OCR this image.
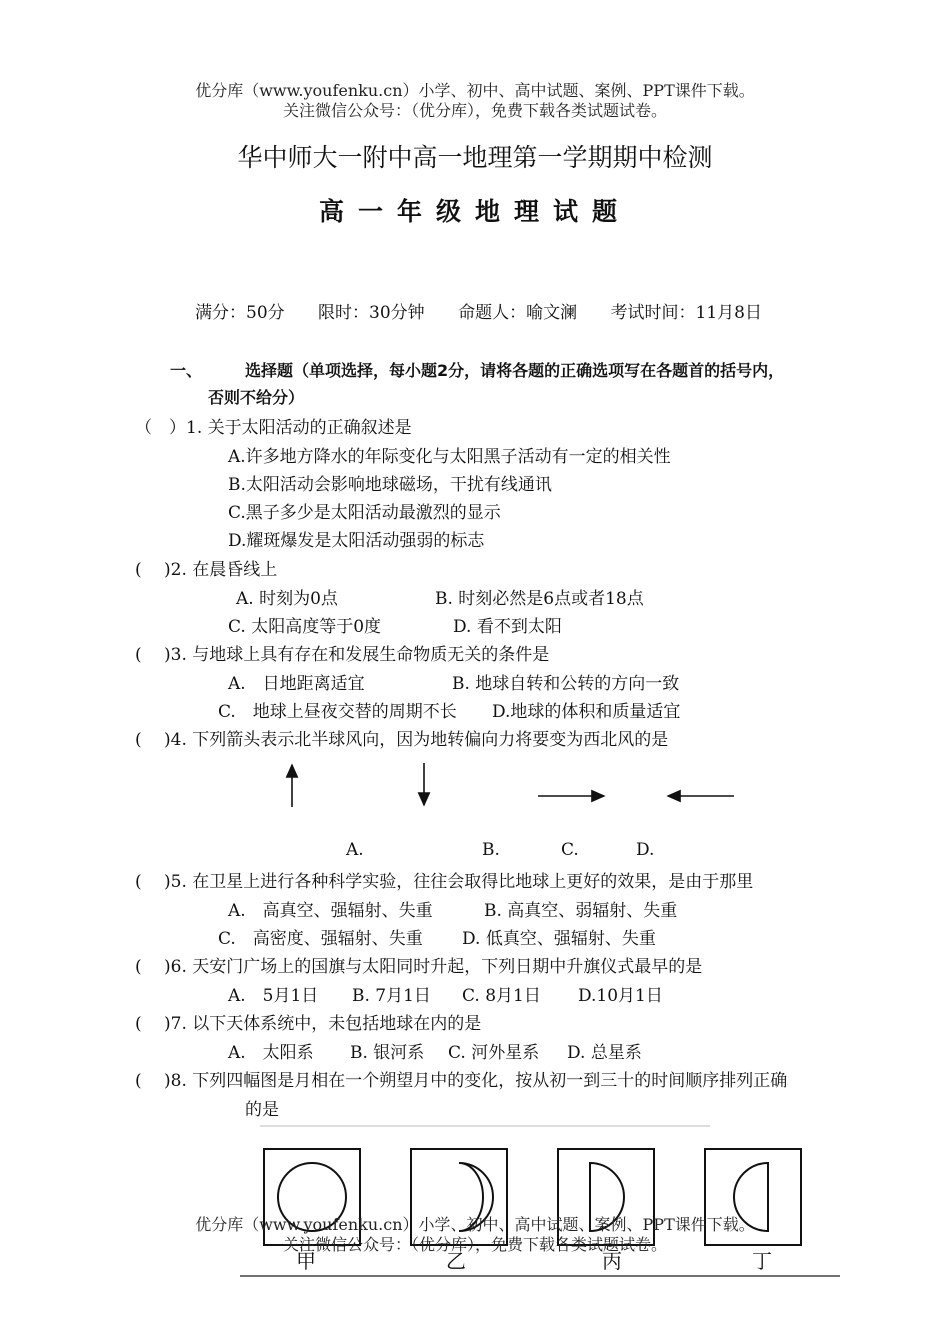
优分库（www.youfenku.cn）小学、初中、高中试题、案例、PPT课件下载。
关注微信公众号：（优分库），免费下载各类试题试卷。
华中师大一附中高一地理第一学期期中检测
高一年级地理试题
满分：50分 限时：30分钟 命题人：喻文澜 考试时间：11月8日
一、	选择题（单项选择，每小题2分，请将各题的正确选项写在各题首的括号内，
否则不给分）
（　）1. 关于太阳活动的正确叙述是
A.许多地方降水的年际变化与太阳黑子活动有一定的相关性
B.太阳活动会影响地球磁场，干扰有线通讯
C.黑子多少是太阳活动最激烈的显示
D.耀斑爆发是太阳活动强弱的标志
(　 )2. 在晨昏线上
A. 时刻为0点	B. 时刻必然是6点或者18点
C. 太阳高度等于0度	D. 看不到太阳
(　 )3. 与地球上具有存在和发展生命物质无关的条件是
A.　日地距离适宜	B. 地球自转和公转的方向一致
C.　地球上昼夜交替的周期不长 D.地球的体积和质量适宜
(　 )4. 下列箭头表示北半球风向，因为地转偏向力将要变为西北风的是
A.	B.	C.	D.
(　 )5. 在卫星上进行各种科学实验，往往会取得比地球上更好的效果，是由于那里
A.　高真空、强辐射、失重	B. 高真空、弱辐射、失重
C.　高密度、强辐射、失重 D. 低真空、强辐射、失重
(　 )6. 天安门广场上的国旗与太阳同时升起，下列日期中升旗仪式最早的是
A.　5月1日 B. 7月1日 C. 8月1日 D.10月1日
(　 )7. 以下天体系统中，未包括地球在内的是
A.　太阳系 B. 银河系 C. 河外星系 D. 总星系
(　 )8. 下列四幅图是月相在一个朔望月中的变化，按从初一到三十的时间顺序排列正确
的是
甲	乙	丙	丁
优分库（www.youfenku.cn）小学、初中、高中试题、案例、PPT课件下载。
关注微信公众号：（优分库），免费下载各类试题试卷。
